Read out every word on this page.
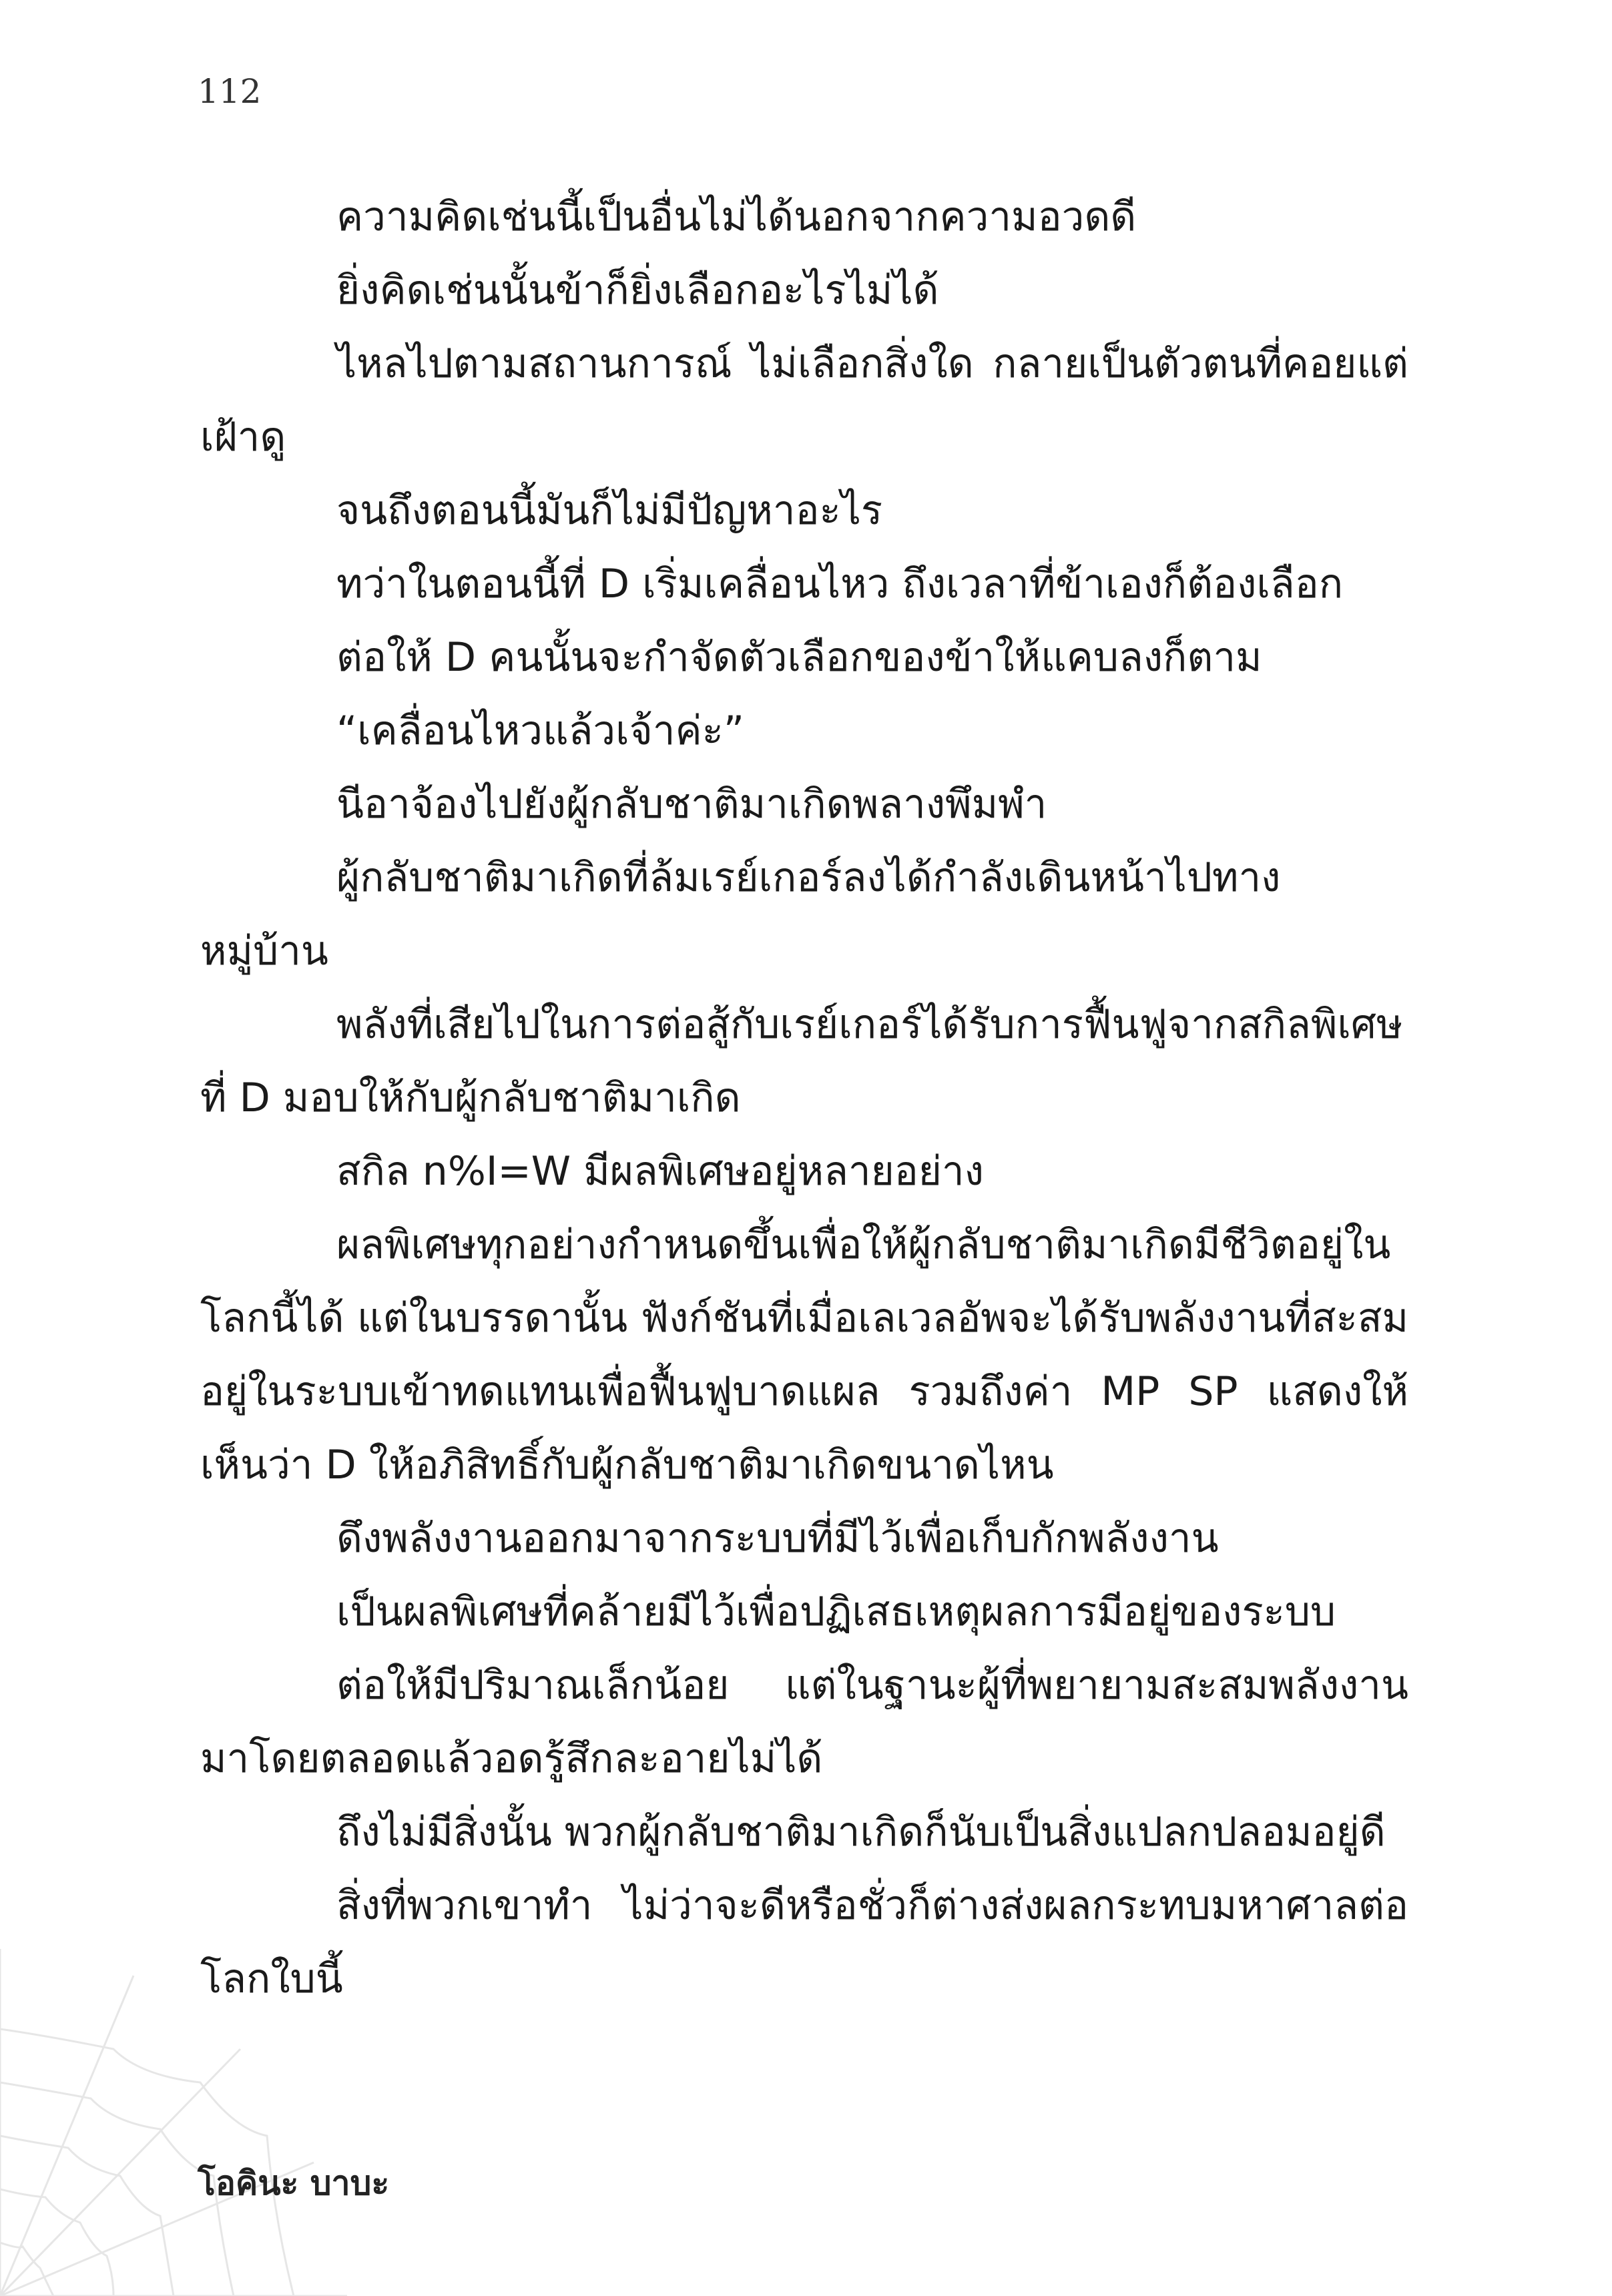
112

ความคิดเช่นนี้เป็นอื่นไม่ได้นอกจากความอวดดี

ยิ่งคิดเช่นนั้นข้าก็ยิ่งเลือกอะไรไม่ได้

ไหลไปตามสถานการณ์ ไม่เลือกสิ่งใด กลายเป็นตัวตนที่คอยแต่เฝ้าดู

จนถึงตอนนี้มันก็ไม่มีปัญหาอะไร

ทว่าในตอนนี้ที่ D เริ่มเคลื่อนไหว ถึงเวลาที่ข้าเองก็ต้องเลือก

ต่อให้ D คนนั้นจะกำจัดตัวเลือกของข้าให้แคบลงก็ตาม

“เคลื่อนไหวแล้วเจ้าค่ะ”

นีอาจ้องไปยังผู้กลับชาติมาเกิดพลางพึมพำ

ผู้กลับชาติมาเกิดที่ล้มเรย์เกอร์ลงได้กำลังเดินหน้าไปทางหมู่บ้าน

พลังที่เสียไปในการต่อสู้กับเรย์เกอร์ได้รับการฟื้นฟูจากสกิลพิเศษที่ D มอบให้กับผู้กลับชาติมาเกิด

สกิล n%I=W มีผลพิเศษอยู่หลายอย่าง

ผลพิเศษทุกอย่างกำหนดขึ้นเพื่อให้ผู้กลับชาติมาเกิดมีชีวิตอยู่ในโลกนี้ได้ แต่ในบรรดานั้น ฟังก์ชันที่เมื่อเลเวลอัพจะได้รับพลังงานที่สะสมอยู่ในระบบเข้าทดแทนเพื่อฟื้นฟูบาดแผล รวมถึงค่า MP SP แสดงให้เห็นว่า D ให้อภิสิทธิ์กับผู้กลับชาติมาเกิดขนาดไหน

ดึงพลังงานออกมาจากระบบที่มีไว้เพื่อเก็บกักพลังงาน

เป็นผลพิเศษที่คล้ายมีไว้เพื่อปฏิเสธเหตุผลการมีอยู่ของระบบ

ต่อให้มีปริมาณเล็กน้อย แต่ในฐานะผู้ที่พยายามสะสมพลังงานมาโดยตลอดแล้วอดรู้สึกละอายไม่ได้

ถึงไม่มีสิ่งนั้น พวกผู้กลับชาติมาเกิดก็นับเป็นสิ่งแปลกปลอมอยู่ดี

สิ่งที่พวกเขาทำ ไม่ว่าจะดีหรือชั่วก็ต่างส่งผลกระทบมหาศาลต่อโลกใบนี้

โอคินะ บาบะ
